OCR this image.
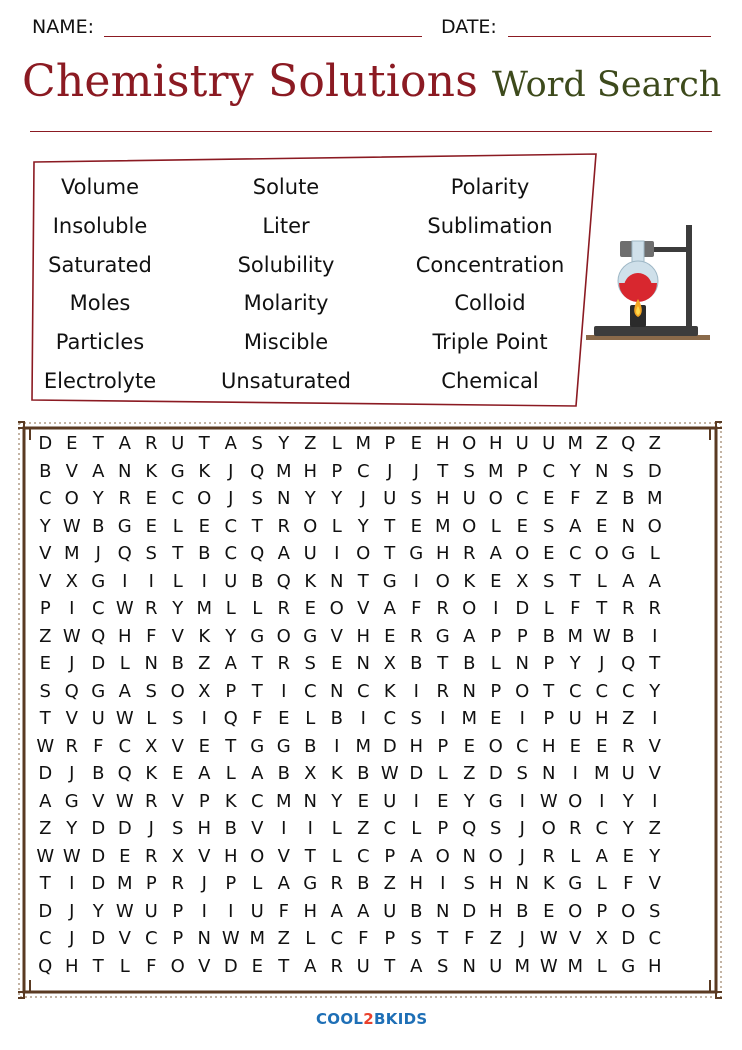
NAME:	DATE:
Chemistry Solutions Word Search
Volume	Solute	Polarity
Insoluble	Liter	Sublimation
Saturated	Solubility	Concentration
Moles	Molarity	Colloid
Particles	Miscible	Triple Point
Electrolyte	Unsaturated	Chemical
D E T A R U T A S Y Z L M P E H O H U U M Z Q Z
B V A N K G K J Q M H P C J	J	T S M P C Y N S D
C O Y R E C O J	S N Y Y	J U S H U O C E F Z B M
Y W B G E L E C T R O L Y T E M O L E S A E N O
V M J Q S T B C Q A U I O T G H R A O E C O G L
V X G I	I	L	I U B Q K N T G I O K E X S T L A A
P	I C W R Y M L L R E O V A F R O I D L F T R R
Z W Q H F V K Y G O G V H E R G A P P B M W B I
E	J D L N B Z A T R S E N X B T B L N P Y	J Q T
S Q G A S O X P T	I C N C K I R N P O T C C C Y
T V U W L S	I Q F E L B I C S	I M E	I	P U H Z I
W R F C X V E T G G B I M D H P E O C H E E R V
D J B Q K E A L A B X K B W D L Z D S N I M U V
A G V W R V P K C M N Y E U I	E Y G I W O I	Y	I
Z Y D D J	S H B V I	I	L Z C L P Q S	J O R C Y Z
W W D E R X V H O V T L C P A O N O J R L A E Y
T	I D M P R J	P L A G R B Z H I	S H N K G L F V
D J	Y W U P	I	I U F H A A U B N D H B E O P O S
C J D V C P N W M Z L C F P S T F Z J W V X D C
Q H T L F O V D E T A R U T A S N U M W M L G H
COOL2BKIDS
